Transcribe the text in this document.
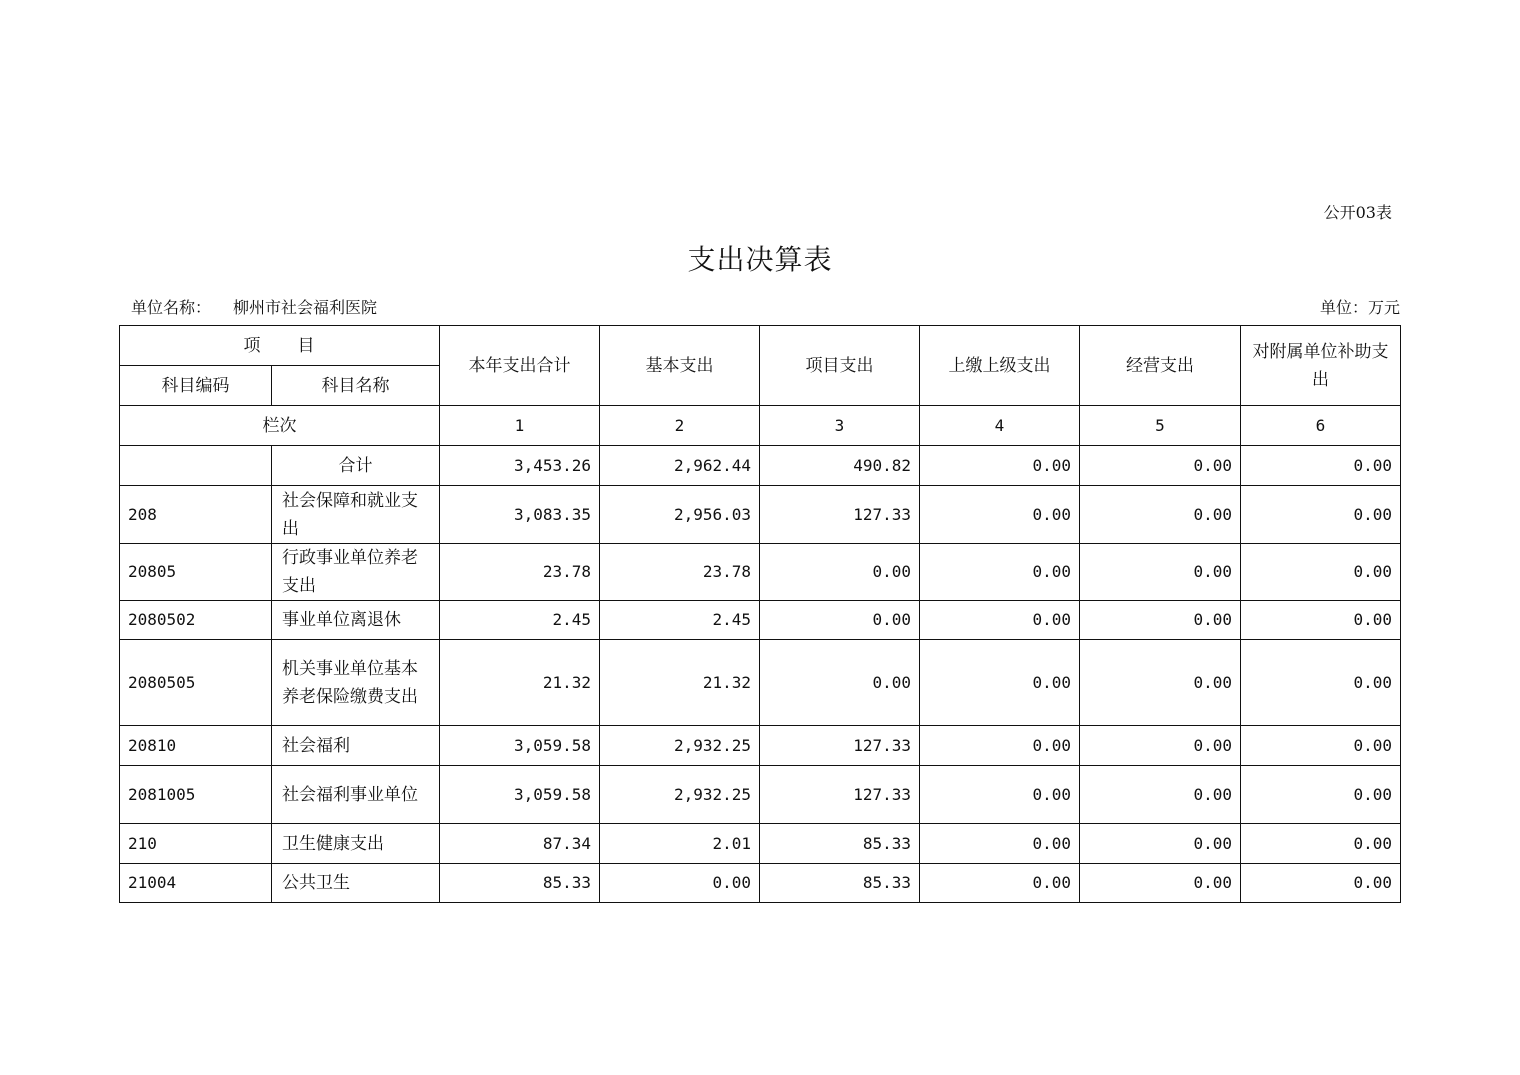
公开03表
支出决算表
单位名称： 柳州市社会福利医院	单位：万元
项　　目		本年支出合计	基本支出	项目支出	上缴上级支出	经营支出	对附属单位补助支出
科目编码	科目名称						
栏次		1	2	3	4	5	6
	合计	3,453.26	2,962.44	490.82	0.00	0.00	0.00
208	社会保障和就业支出	3,083.35	2,956.03	127.33	0.00	0.00	0.00
20805	行政事业单位养老支出	23.78	23.78	0.00	0.00	0.00	0.00
2080502	事业单位离退休	2.45	2.45	0.00	0.00	0.00	0.00
2080505	机关事业单位基本养老保险缴费支出	21.32	21.32	0.00	0.00	0.00	0.00
20810	社会福利	3,059.58	2,932.25	127.33	0.00	0.00	0.00
2081005	社会福利事业单位	3,059.58	2,932.25	127.33	0.00	0.00	0.00
210	卫生健康支出	87.34	2.01	85.33	0.00	0.00	0.00
21004	公共卫生	85.33	0.00	85.33	0.00	0.00	0.00
